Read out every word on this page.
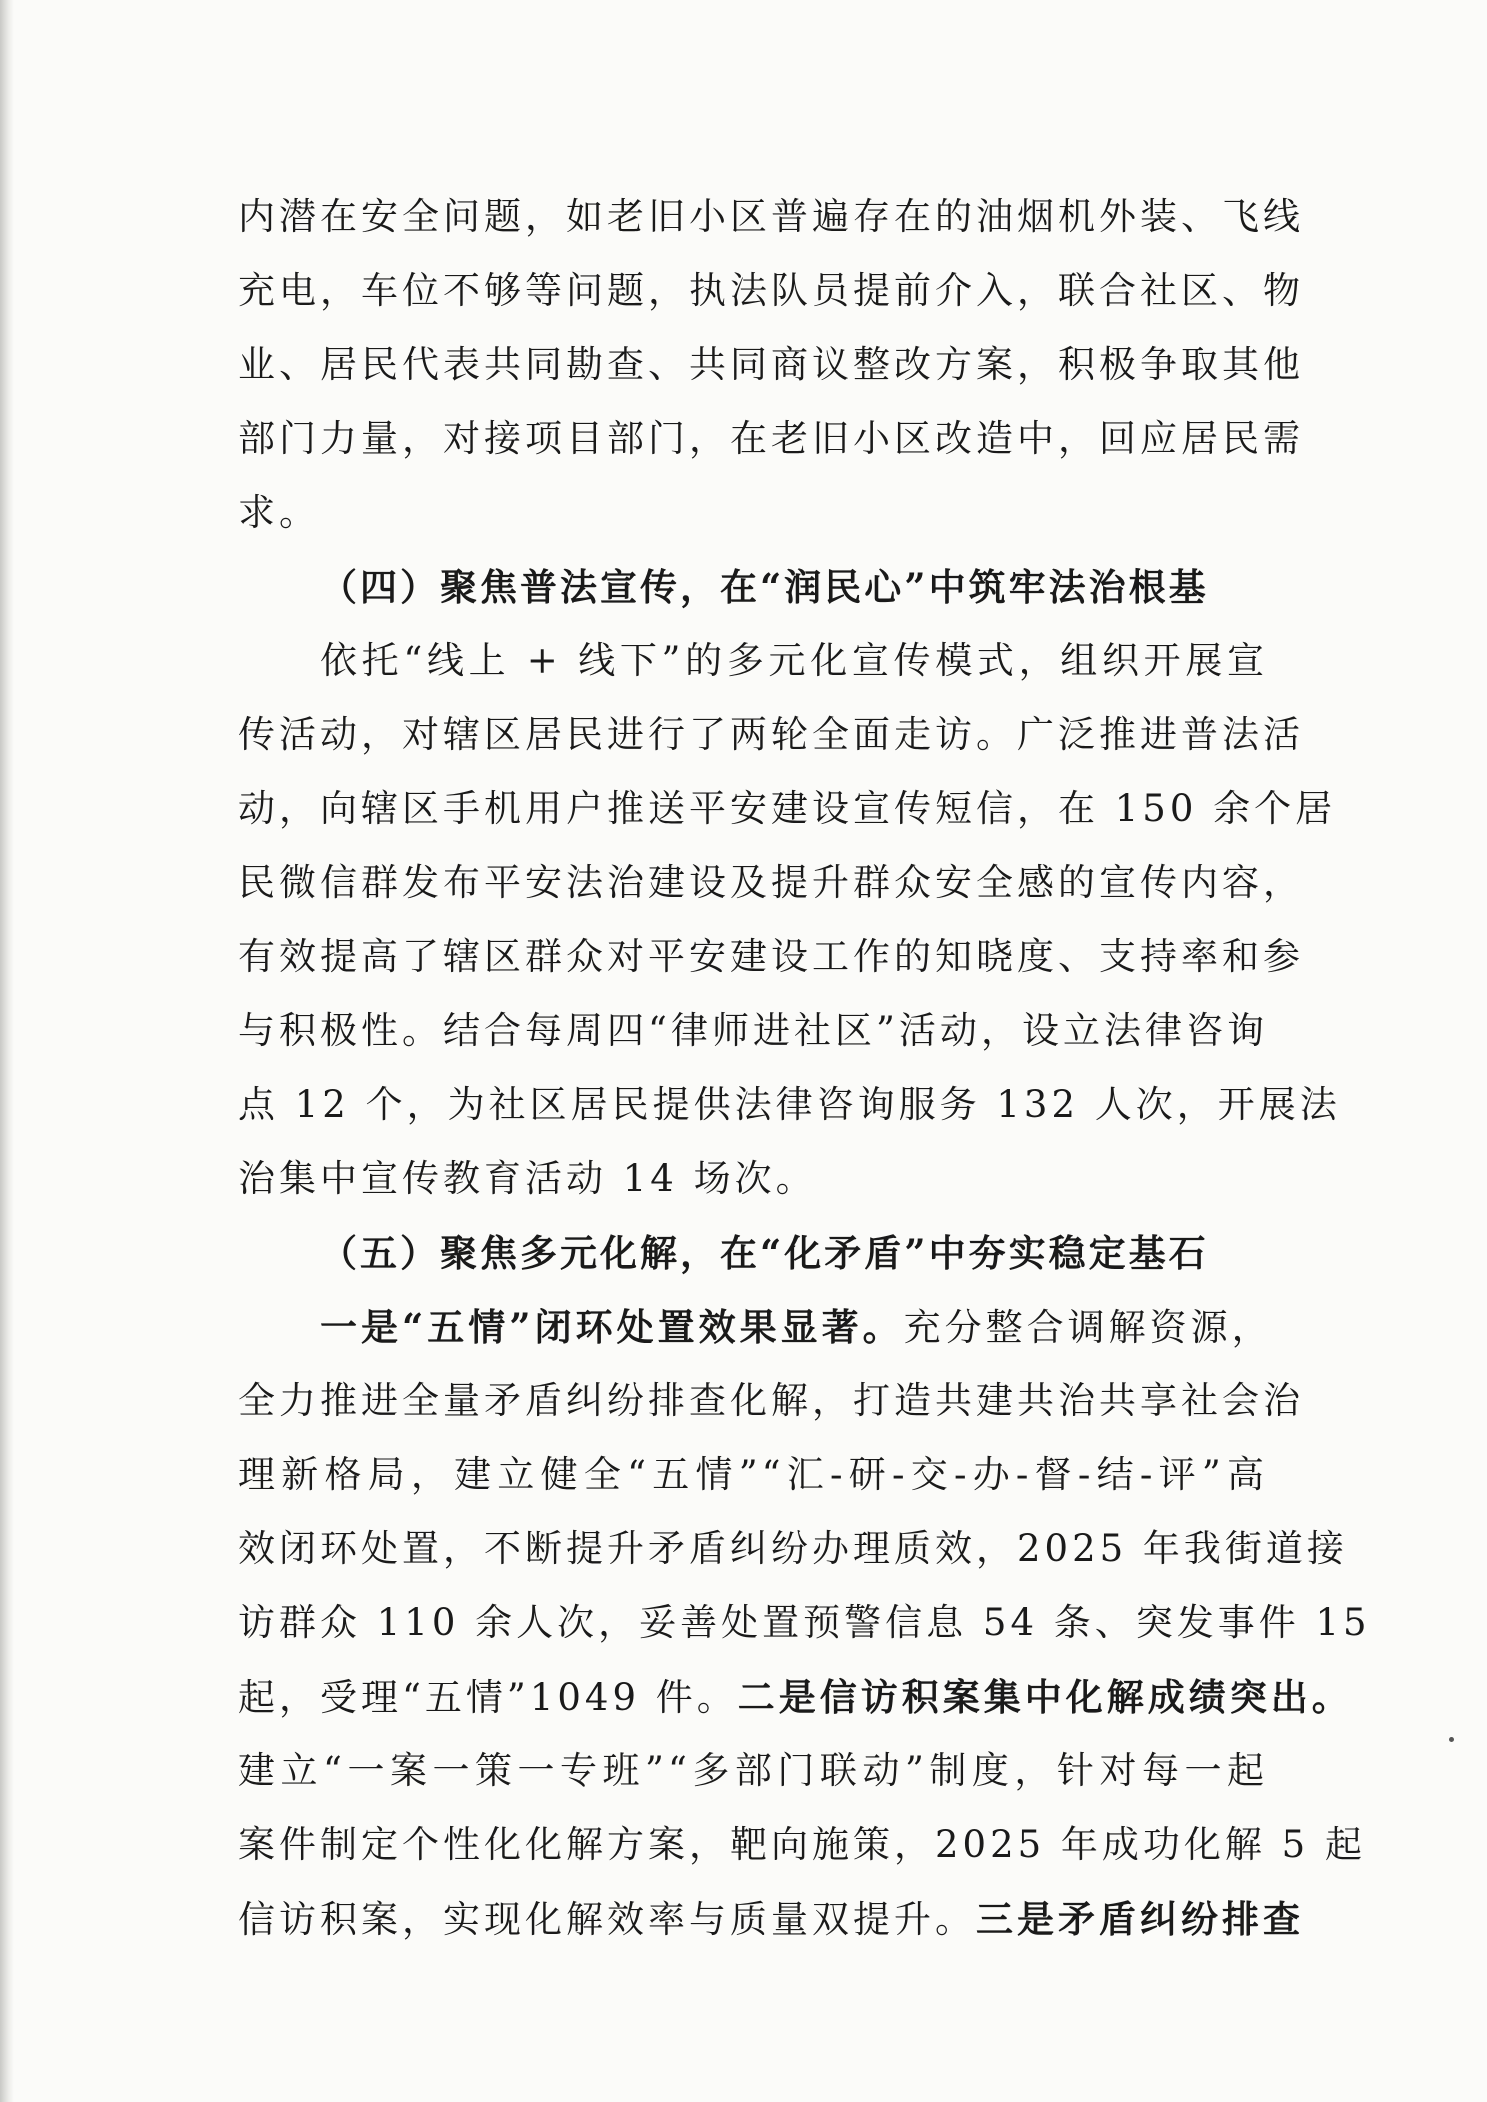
内潜在安全问题，如老旧小区普遍存在的油烟机外装、飞线
充电，车位不够等问题，执法队员提前介入，联合社区、物
业、居民代表共同勘查、共同商议整改方案，积极争取其他
部门力量，对接项目部门，在老旧小区改造中，回应居民需
求。
（四）聚焦普法宣传，在“润民心”中筑牢法治根基
依托“线上 + 线下”的多元化宣传模式，组织开展宣
传活动，对辖区居民进行了两轮全面走访。广泛推进普法活
动，向辖区手机用户推送平安建设宣传短信，在 150 余个居
民微信群发布平安法治建设及提升群众安全感的宣传内容，
有效提高了辖区群众对平安建设工作的知晓度、支持率和参
与积极性。结合每周四“律师进社区”活动，设立法律咨询
点 12 个，为社区居民提供法律咨询服务 132 人次，开展法
治集中宣传教育活动 14 场次。
（五）聚焦多元化解，在“化矛盾”中夯实稳定基石
一是“五情”闭环处置效果显著。充分整合调解资源，
全力推进全量矛盾纠纷排查化解，打造共建共治共享社会治
理新格局，建立健全“五情”“汇-研-交-办-督-结-评”高
效闭环处置，不断提升矛盾纠纷办理质效，2025 年我街道接
访群众 110 余人次，妥善处置预警信息 54 条、突发事件 15
起，受理“五情”1049 件。二是信访积案集中化解成绩突出。
建立“一案一策一专班”“多部门联动”制度，针对每一起
案件制定个性化化解方案，靶向施策，2025 年成功化解 5 起
信访积案，实现化解效率与质量双提升。三是矛盾纠纷排查
